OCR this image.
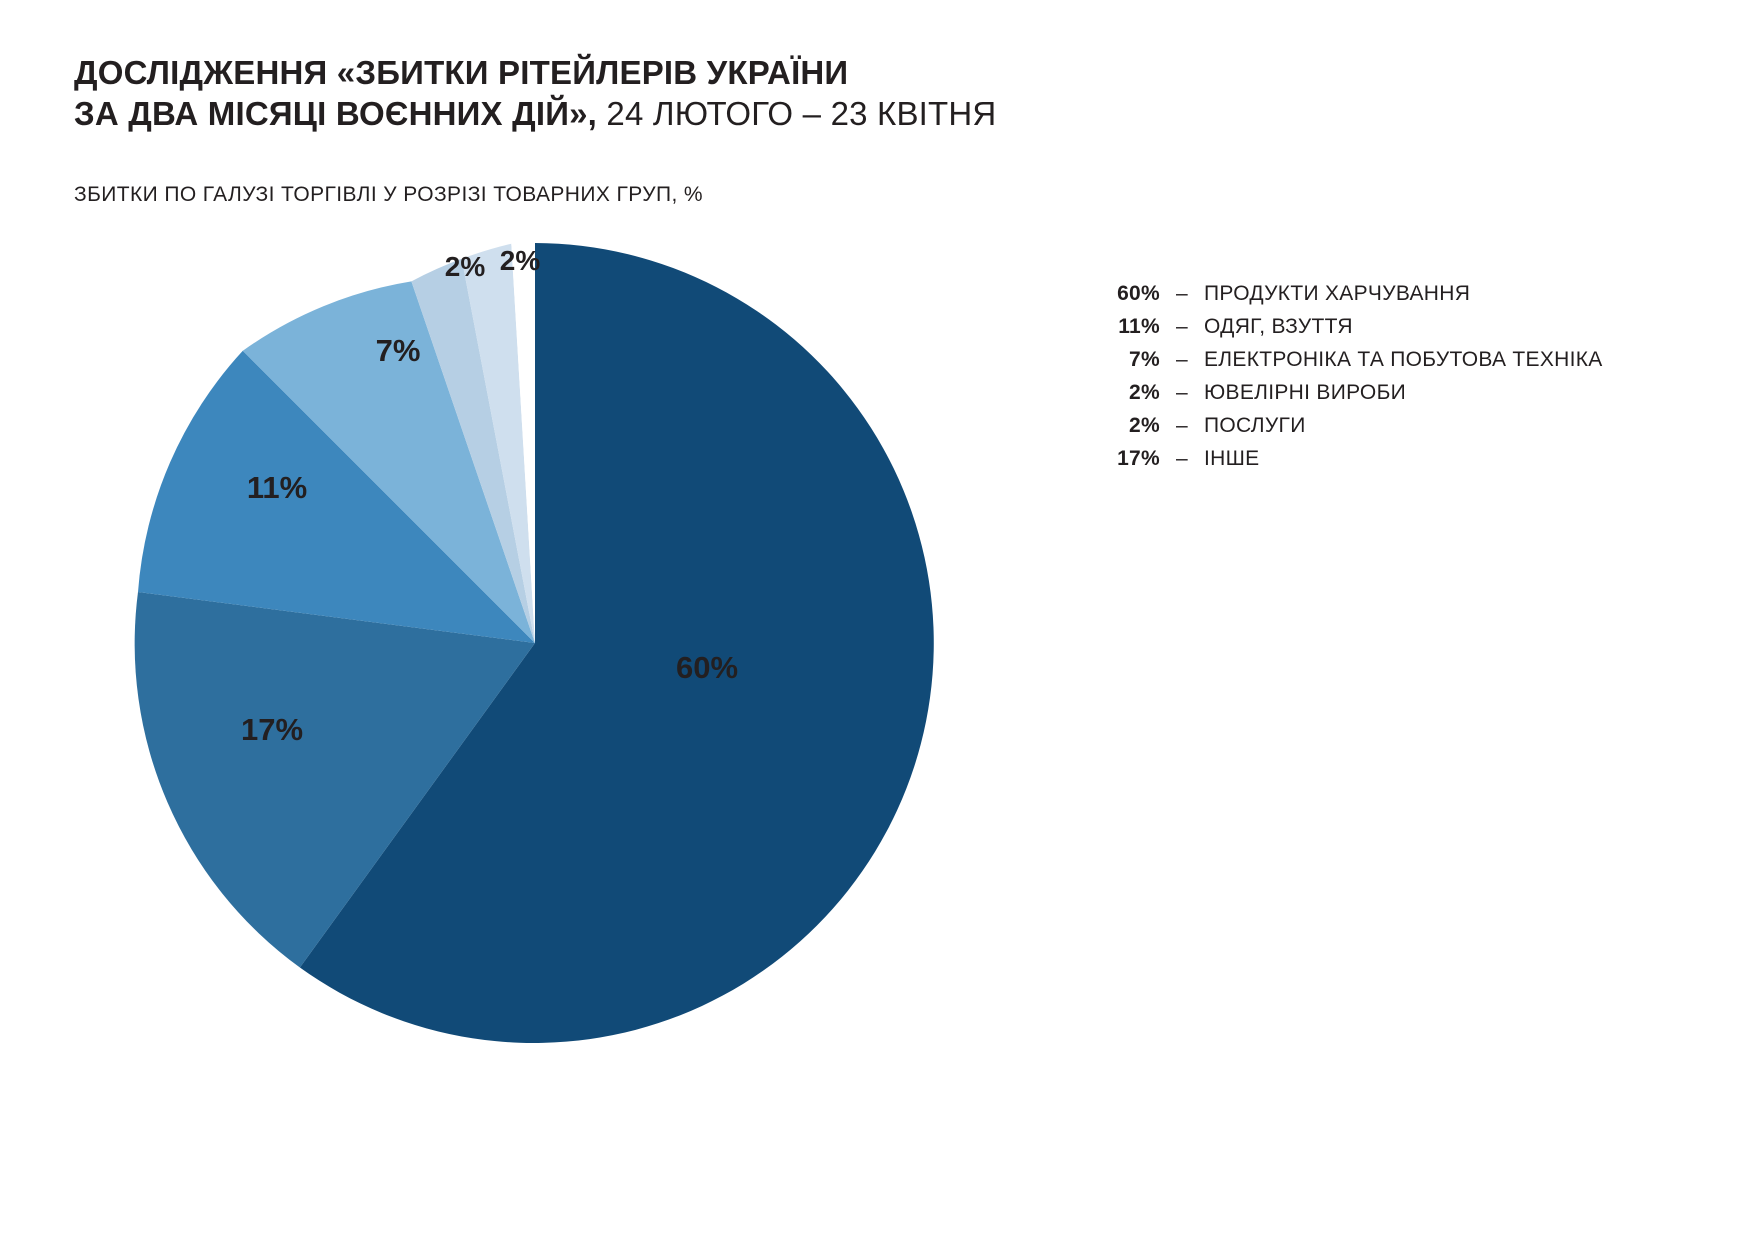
ДОСЛІДЖЕННЯ «ЗБИТКИ РІТЕЙЛЕРІВ УКРАЇНИ
ЗА ДВА МІСЯЦІ ВОЄННИХ ДІЙ», 24 ЛЮТОГО – 23 КВІТНЯ
ЗБИТКИ ПО ГАЛУЗІ ТОРГІВЛІ У РОЗРІЗІ ТОВАРНИХ ГРУП, %
60%
17%
11%
7%
2% 2%
60% – ПРОДУКТИ ХАРЧУВАННЯ
11% – ОДЯГ, ВЗУТТЯ
7% – ЕЛЕКТРОНІКА ТА ПОБУТОВА ТЕХНІКА
2% – ЮВЕЛІРНІ ВИРОБИ
2% – ПОСЛУГИ
17% – ІНШЕ
